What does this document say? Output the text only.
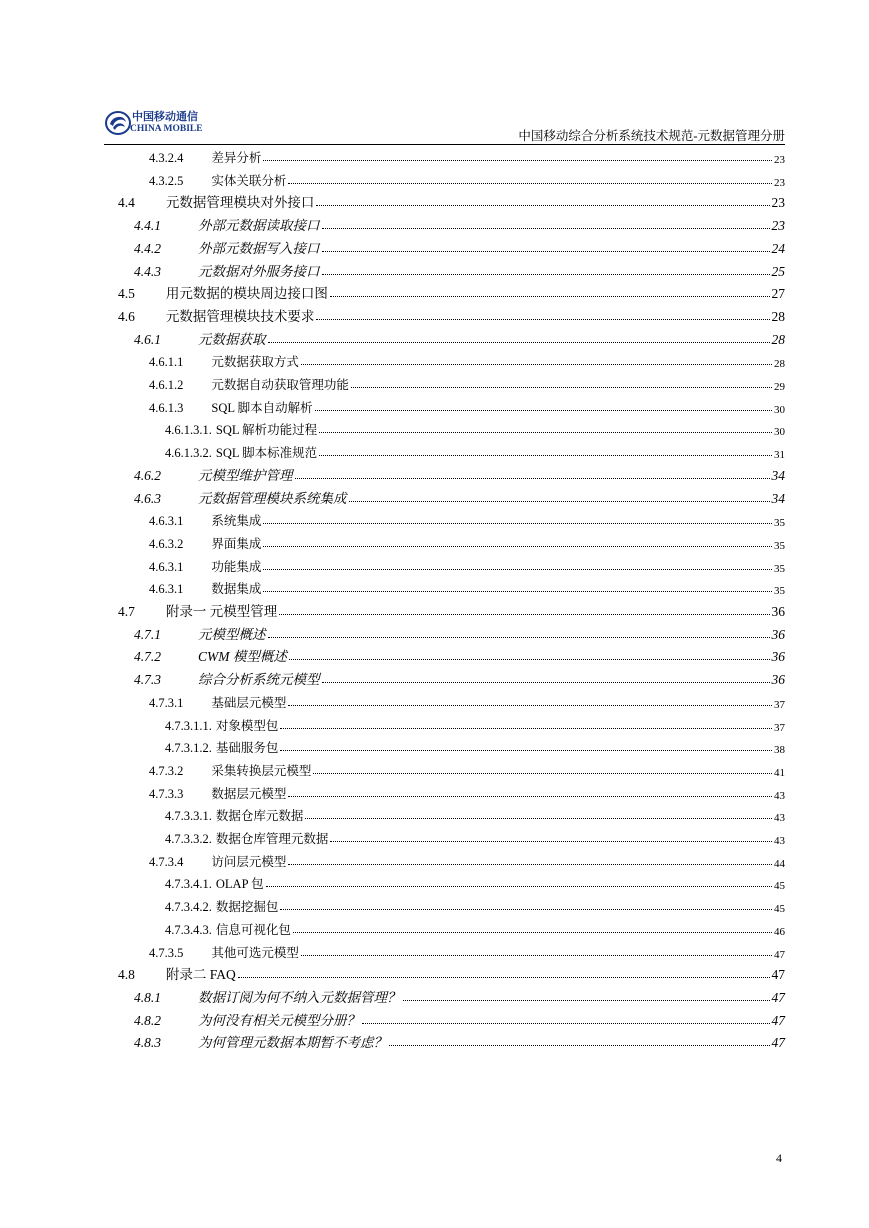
中国移动通信
CHINA MOBILE	中国移动综合分析系统技术规范-元数据管理分册
4.3.2.4 差异分析	23
4.3.2.5 实体关联分析	23
4.4 元数据管理模块对外接口	23
4.4.1	外部元数据读取接口	23
4.4.2	外部元数据写入接口	24
4.4.3	元数据对外服务接口	25
4.5 用元数据的模块周边接口图	27
4.6 元数据管理模块技术要求	28
4.6.1	元数据获取	28
4.6.1.1 元数据获取方式	28
4.6.1.2 元数据自动获取管理功能	29
4.6.1.3 SQL 脚本自动解析	30
4.6.1.3.1. SQL 解析功能过程	30
4.6.1.3.2. SQL 脚本标准规范	31
4.6.2	元模型维护管理	34
4.6.3	元数据管理模块系统集成	34
4.6.3.1 系统集成	35
4.6.3.2 界面集成	35
4.6.3.1 功能集成	35
4.6.3.1 数据集成	35
4.7 附录一 元模型管理	36
4.7.1	元模型概述	36
4.7.2	CWM 模型概述	36
4.7.3	综合分析系统元模型	36
4.7.3.1 基础层元模型	37
4.7.3.1.1. 对象模型包	37
4.7.3.1.2. 基础服务包	38
4.7.3.2 采集转换层元模型	41
4.7.3.3 数据层元模型	43
4.7.3.3.1. 数据仓库元数据	43
4.7.3.3.2. 数据仓库管理元数据	43
4.7.3.4 访问层元模型	44
4.7.3.4.1. OLAP 包	45
4.7.3.4.2. 数据挖掘包	45
4.7.3.4.3. 信息可视化包	46
4.7.3.5 其他可选元模型	47
4.8 附录二 FAQ	47
4.8.1	数据订阅为何不纳入元数据管理？	47
4.8.2	为何没有相关元模型分册？	47
4.8.3	为何管理元数据本期暂不考虑？	47
4
